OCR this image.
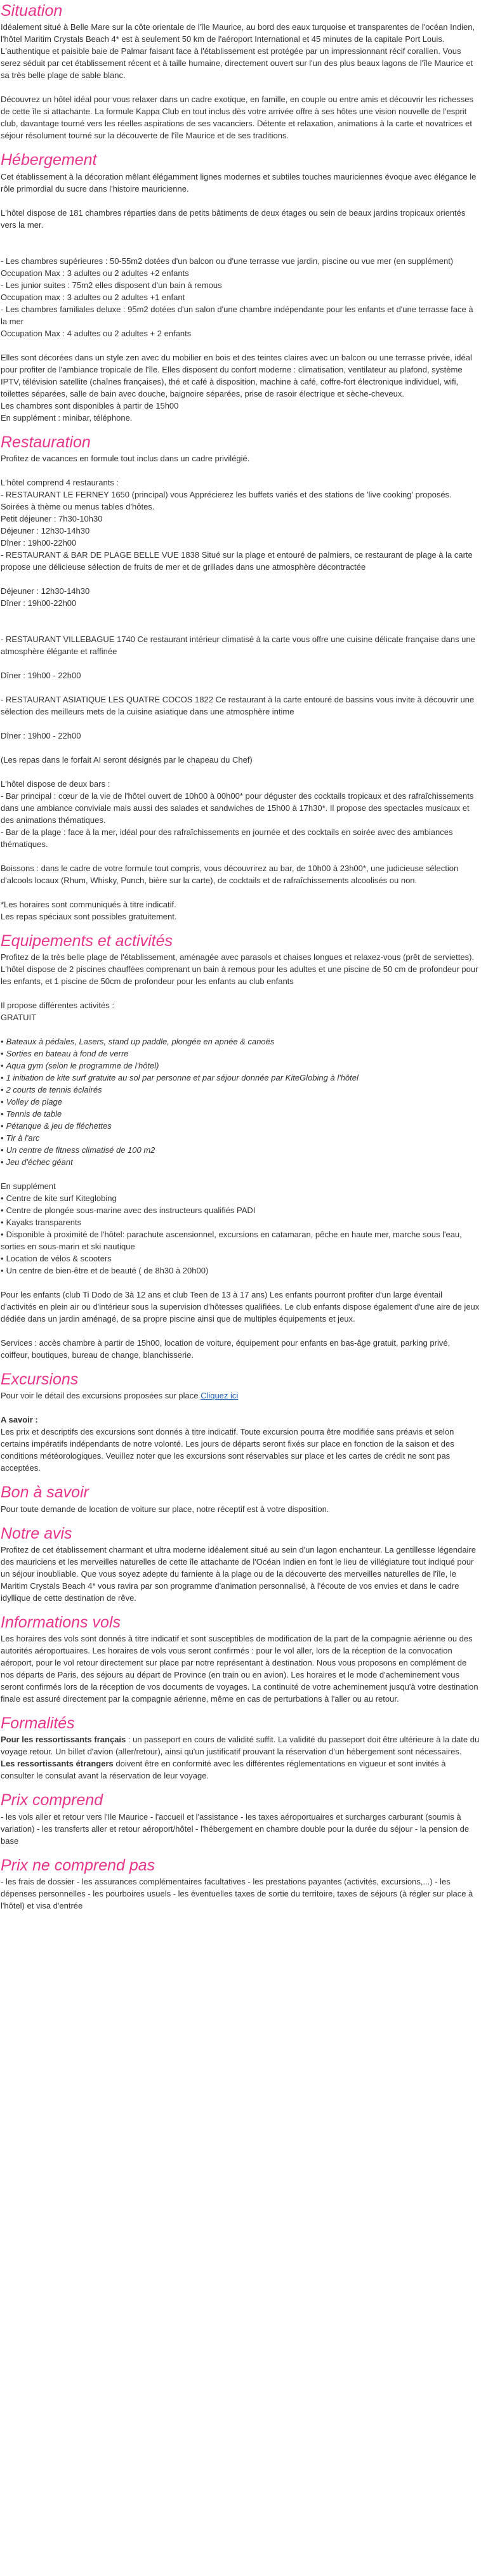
Situation

Idéalement situé à Belle Mare sur la côte orientale de l'île Maurice, au bord des eaux turquoise et transparentes de l'océan Indien, l'hôtel Maritim Crystals Beach 4* est à seulement 50 km de l'aéroport International et 45 minutes de la capitale Port Louis. L'authentique et paisible baie de Palmar faisant face à l'établissement est protégée par un impressionnant récif corallien. Vous serez séduit par cet établissement récent et à taille humaine, directement ouvert sur l'un des plus beaux lagons de l'île Maurice et sa très belle plage de sable blanc.

Découvrez un hôtel idéal pour vous relaxer dans un cadre exotique, en famille, en couple ou entre amis et découvrir les richesses de cette île si attachante. La formule Kappa Club en tout inclus dès votre arrivée offre à ses hôtes une vision nouvelle de l'esprit club, davantage tourné vers les réelles aspirations de ses vacanciers. Détente et relaxation, animations à la carte et novatrices et séjour résolument tourné sur la découverte de l'île Maurice et de ses traditions.

Hébergement

Cet établissement à la décoration mêlant élégamment lignes modernes et subtiles touches mauriciennes évoque avec élégance le rôle primordial du sucre dans l'histoire mauricienne.

L'hôtel dispose de 181 chambres réparties dans de petits bâtiments de deux étages ou sein de beaux jardins tropicaux orientés vers la mer.

- Les chambres supérieures : 50-55m2 dotées d'un balcon ou d'une terrasse vue jardin, piscine ou vue mer (en supplément)

Occupation Max : 3 adultes ou 2 adultes +2 enfants

- Les junior suites : 75m2 elles disposent d'un bain à remous

Occupation max : 3 adultes ou 2 adultes +1 enfant

- Les chambres familiales deluxe : 95m2 dotées d'un salon d'une chambre indépendante pour les enfants et d'une terrasse face à la mer

Occupation Max : 4 adultes ou 2 adultes + 2 enfants

Elles sont décorées dans un style zen avec du mobilier en bois et des teintes claires avec un balcon ou une terrasse privée, idéal pour profiter de l'ambiance tropicale de l'île. Elles disposent du confort moderne : climatisation, ventilateur au plafond, système IPTV, télévision satellite (chaînes françaises), thé et café à disposition, machine à café, coffre-fort électronique individuel, wifi, toilettes séparées, salle de bain avec douche, baignoire séparées, prise de rasoir électrique et sèche-cheveux.

Les chambres sont disponibles à partir de 15h00

En supplément : minibar, téléphone.

Restauration

Profitez de vacances en formule tout inclus dans un cadre privilégié.

L'hôtel comprend 4 restaurants :

- RESTAURANT LE FERNEY 1650 (principal) vous Apprécierez les buffets variés et des stations de 'live cooking' proposés. Soirées à thème ou menus tables d'hôtes.

Petit déjeuner : 7h30-10h30

Déjeuner : 12h30-14h30

Dîner : 19h00-22h00

- RESTAURANT & BAR DE PLAGE BELLE VUE 1838 Situé sur la plage et entouré de palmiers, ce restaurant de plage à la carte propose une délicieuse sélection de fruits de mer et de grillades dans une atmosphère décontractée

Déjeuner : 12h30-14h30

Dîner : 19h00-22h00

- RESTAURANT VILLEBAGUE 1740 Ce restaurant intérieur climatisé à la carte vous offre une cuisine délicate française dans une atmosphère élégante et raffinée

Dîner : 19h00 - 22h00

- RESTAURANT ASIATIQUE LES QUATRE COCOS 1822 Ce restaurant à la carte entouré de bassins vous invite à découvrir une sélection des meilleurs mets de la cuisine asiatique dans une atmosphère intime

Dîner : 19h00 - 22h00

(Les repas dans le forfait AI seront désignés par le chapeau du Chef)

L'hôtel dispose de deux bars :

- Bar principal : cœur de la vie de l'hôtel ouvert de 10h00 à 00h00* pour déguster des cocktails tropicaux et des rafraîchissements dans une ambiance conviviale mais aussi des salades et sandwiches de 15h00 à 17h30*. Il propose des spectacles musicaux et des animations thématiques.

- Bar de la plage : face à la mer, idéal pour des rafraîchissements en journée et des cocktails en soirée avec des ambiances thématiques.

Boissons : dans le cadre de votre formule tout compris, vous découvrirez au bar, de 10h00 à 23h00*, une judicieuse sélection d'alcools locaux (Rhum, Whisky, Punch, bière sur la carte), de cocktails et de rafraîchissements alcoolisés ou non.

*Les horaires sont communiqués à titre indicatif.

Les repas spéciaux sont possibles gratuitement.

Equipements et activités

Profitez de la très belle plage de l'établissement, aménagée avec parasols et chaises longues et relaxez-vous (prêt de serviettes). L'hôtel dispose de 2 piscines chauffées comprenant un bain à remous pour les adultes et une piscine de 50 cm de profondeur pour les enfants, et 1 piscine de 50cm de profondeur pour les enfants au club enfants

Il propose différentes activités :

GRATUIT

• Bateaux à pédales, Lasers, stand up paddle, plongée en apnée & canoës
• Sorties en bateau à fond de verre
• Aqua gym (selon le programme de l'hôtel)
• 1 initiation de kite surf gratuite au sol par personne et par séjour donnée par KiteGlobing à l'hôtel
• 2 courts de tennis éclairés
• Volley de plage
• Tennis de table
• Pétanque & jeu de fléchettes
• Tir à l'arc
• Un centre de fitness climatisé de 100 m2
• Jeu d'échec géant

En supplément

• Centre de kite surf Kiteglobing
• Centre de plongée sous-marine avec des instructeurs qualifiés PADI
• Kayaks transparents
• Disponible à proximité de l'hôtel: parachute ascensionnel, excursions en catamaran, pêche en haute mer, marche sous l'eau, sorties en sous-marin et ski nautique
• Location de vélos & scooters
• Un centre de bien-être et de beauté ( de 8h30 à 20h00)

Pour les enfants (club Ti Dodo de 3à 12 ans et club Teen de 13 à 17 ans) Les enfants pourront profiter d'un large éventail d'activités en plein air ou d'intérieur sous la supervision d'hôtesses qualifiées. Le club enfants dispose également d'une aire de jeux dédiée dans un jardin aménagé, de sa propre piscine ainsi que de multiples équipements et jeux.

Services : accès chambre à partir de 15h00, location de voiture, équipement pour enfants en bas-âge gratuit, parking privé, coiffeur, boutiques, bureau de change, blanchisserie.

Excursions

Pour voir le détail des excursions proposées sur place Cliquez ici

A savoir :

Les prix et descriptifs des excursions sont donnés à titre indicatif. Toute excursion pourra être modifiée sans préavis et selon certains impératifs indépendants de notre volonté. Les jours de départs seront fixés sur place en fonction de la saison et des conditions météorologiques. Veuillez noter que les excursions sont réservables sur place et les cartes de crédit ne sont pas acceptées.

Bon à savoir

Pour toute demande de location de voiture sur place, notre réceptif est à votre disposition.

Notre avis

Profitez de cet établissement charmant et ultra moderne idéalement situé au sein d'un lagon enchanteur. La gentillesse légendaire des mauriciens et les merveilles naturelles de cette île attachante de l'Océan Indien en font le lieu de villégiature tout indiqué pour un séjour inoubliable. Que vous soyez adepte du farniente à la plage ou de la découverte des merveilles naturelles de l'île, le Maritim Crystals Beach 4* vous ravira par son programme d'animation personnalisé, à l'écoute de vos envies et dans le cadre idyllique de cette destination de rêve.

Informations vols

Les horaires des vols sont donnés à titre indicatif et sont susceptibles de modification de la part de la compagnie aérienne ou des autorités aéroportuaires. Les horaires de vols vous seront confirmés : pour le vol aller, lors de la réception de la convocation aéroport, pour le vol retour directement sur place par notre représentant à destination. Nous vous proposons en complément de nos départs de Paris, des séjours au départ de Province (en train ou en avion). Les horaires et le mode d'acheminement vous seront confirmés lors de la réception de vos documents de voyages. La continuité de votre acheminement jusqu'à votre destination finale est assuré directement par la compagnie aérienne, même en cas de perturbations à l'aller ou au retour.

Formalités

Pour les ressortissants français : un passeport en cours de validité suffit. La validité du passeport doit être ultérieure à la date du voyage retour. Un billet d'avion (aller/retour), ainsi qu'un justificatif prouvant la réservation d'un hébergement sont nécessaires.

Les ressortissants étrangers doivent être en conformité avec les différentes réglementations en vigueur et sont invités à consulter le consulat avant la réservation de leur voyage.

Prix comprend

- les vols aller et retour vers l'Ile Maurice - l'accueil et l'assistance - les taxes aéroportuaires et surcharges carburant (soumis à variation) - les transferts aller et retour aéroport/hôtel - l'hébergement en chambre double pour la durée du séjour - la pension de base

Prix ne comprend pas

- les frais de dossier - les assurances complémentaires facultatives - les prestations payantes (activités, excursions,...) - les dépenses personnelles - les pourboires usuels - les éventuelles taxes de sortie du territoire, taxes de séjours (à régler sur place à l'hôtel) et visa d'entrée
